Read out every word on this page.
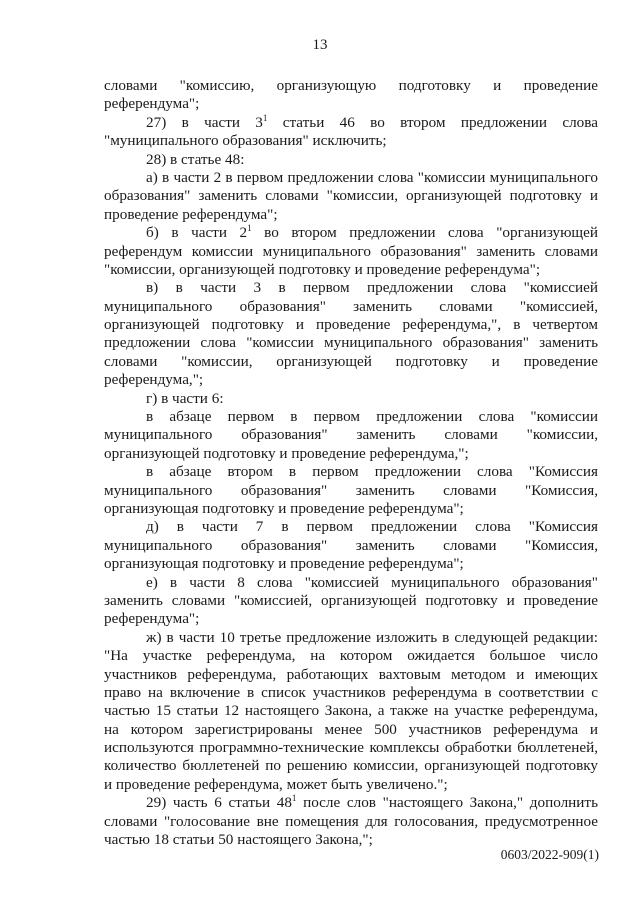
13
словами "комиссию, организующую подготовку и проведение
референдума";
27) в части $3^1$ статьи 46 во втором предложении слова
"муниципального образования" исключить;
28) в статье 48:
а) в части 2 в первом предложении слова "комиссии муниципального
образования" заменить словами "комиссии, организующей подготовку и
проведение референдума";
б) в части $2^1$ во втором предложении слова "организующей
референдум комиссии муниципального образования" заменить словами
"комиссии, организующей подготовку и проведение референдума";
в) в части 3 в первом предложении слова "комиссией
муниципального образования" заменить словами "комиссией,
организующей подготовку и проведение референдума,", в четвертом
предложении слова "комиссии муниципального образования" заменить
словами "комиссии, организующей подготовку и проведение
референдума,";
г) в части 6:
в абзаце первом в первом предложении слова "комиссии
муниципального образования" заменить словами "комиссии,
организующей подготовку и проведение референдума,";
в абзаце втором в первом предложении слова "Комиссия
муниципального образования" заменить словами "Комиссия,
организующая подготовку и проведение референдума";
д) в части 7 в первом предложении слова "Комиссия
муниципального образования" заменить словами "Комиссия,
организующая подготовку и проведение референдума";
е) в части 8 слова "комиссией муниципального образования"
заменить словами "комиссией, организующей подготовку и проведение
референдума";
ж) в части 10 третье предложение изложить в следующей редакции:
"На участке референдума, на котором ожидается большое число
участников референдума, работающих вахтовым методом и имеющих
право на включение в список участников референдума в соответствии с
частью 15 статьи 12 настоящего Закона, а также на участке референдума,
на котором зарегистрированы менее 500 участников референдума и
используются программно-технические комплексы обработки бюллетеней,
количество бюллетеней по решению комиссии, организующей подготовку
и проведение референдума, может быть увеличено.";
29) часть 6 статьи $48^1$ после слов "настоящего Закона," дополнить
словами "голосование вне помещения для голосования, предусмотренное
частью 18 статьи 50 настоящего Закона,";
0603/2022-909(1)
